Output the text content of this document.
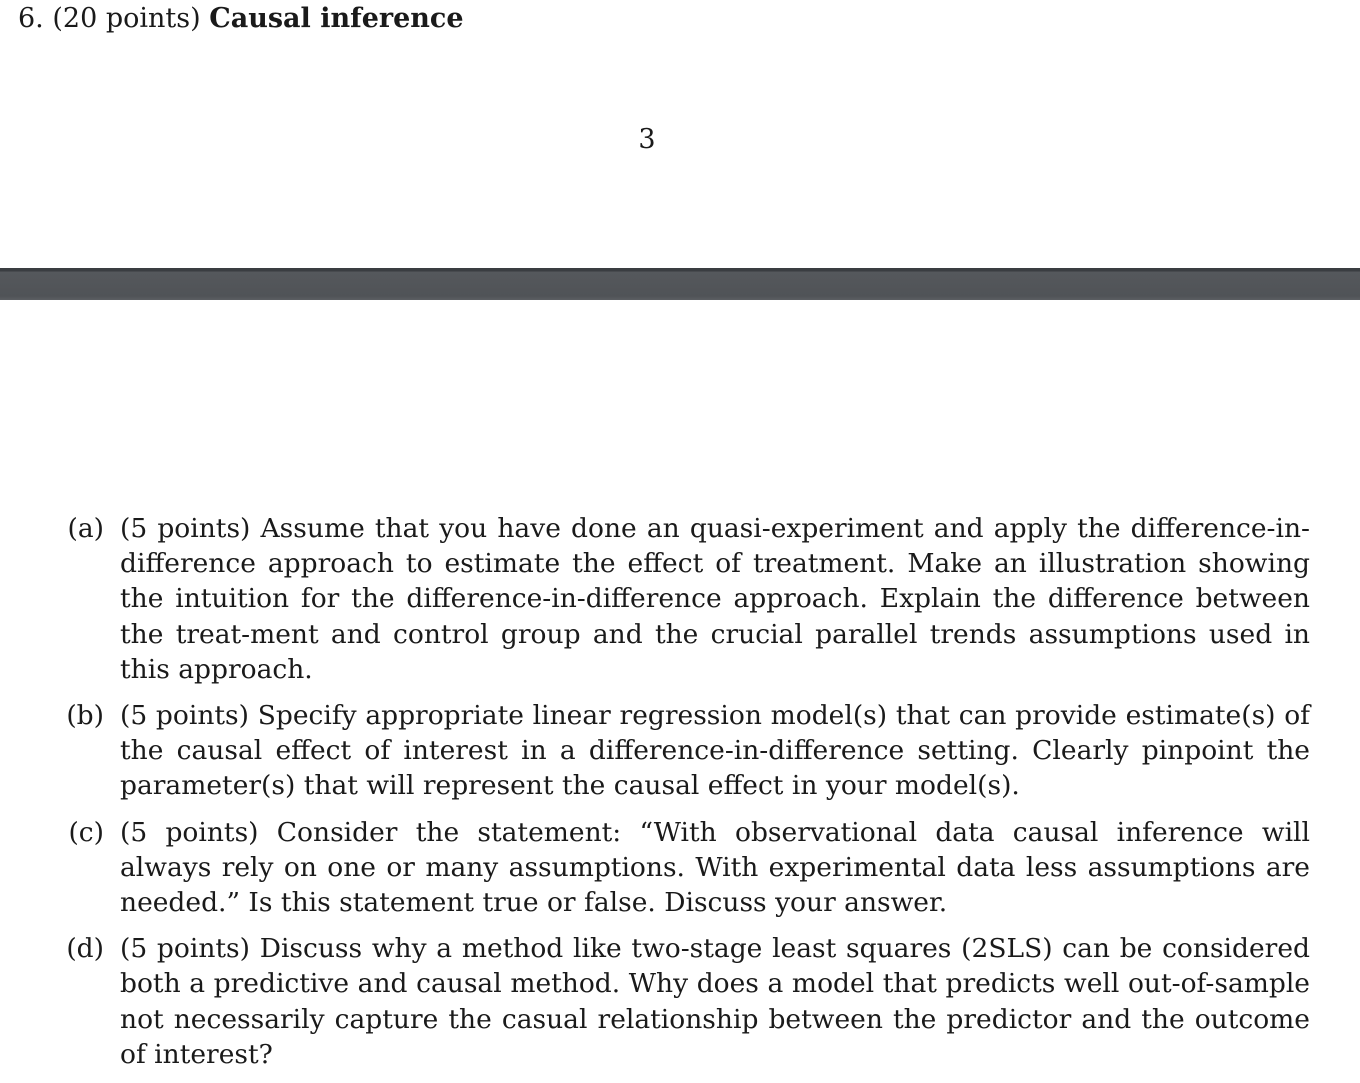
6. (20 points) Causal inference
3
(a) (5 points) Assume that you have done an quasi-experiment and apply the difference-in-difference approach to estimate the effect of treatment. Make an illustration showing the intuition for the difference-in-difference approach. Explain the difference between the treat-ment and control group and the crucial parallel trends assumptions used in this approach.
(b) (5 points) Specify appropriate linear regression model(s) that can provide estimate(s) of the causal effect of interest in a difference-in-difference setting. Clearly pinpoint the parameter(s) that will represent the causal effect in your model(s).
(c) (5 points) Consider the statement: “With observational data causal inference will always rely on one or many assumptions. With experimental data less assumptions are needed.” Is this statement true or false. Discuss your answer.
(d) (5 points) Discuss why a method like two-stage least squares (2SLS) can be considered both a predictive and causal method. Why does a model that predicts well out-of-sample not necessarily capture the casual relationship between the predictor and the outcome of interest?
